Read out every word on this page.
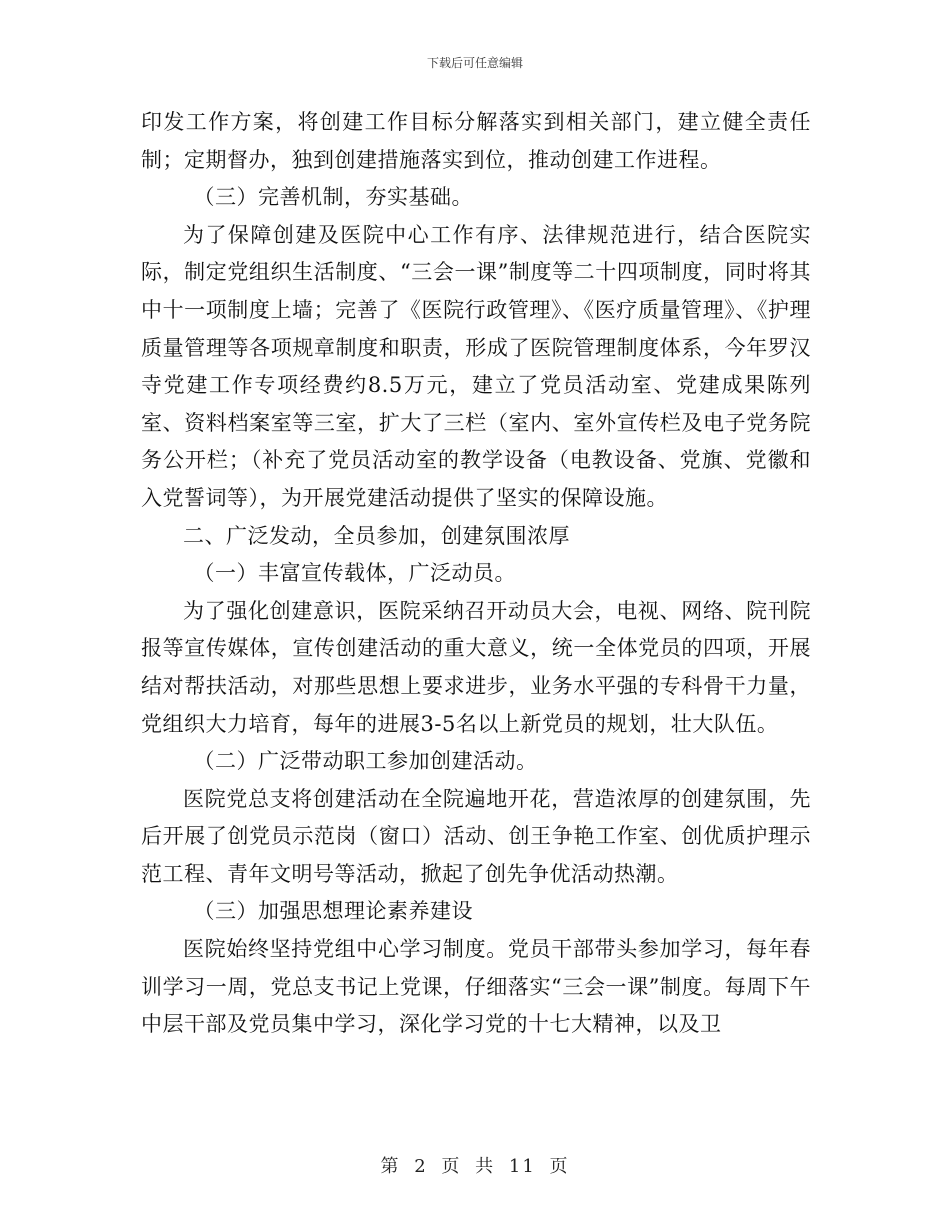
下载后可任意编辑

印发工作方案，将创建工作目标分解落实到相关部门，建立健全责任制；定期督办，独到创建措施落实到位，推动创建工作进程。

（三）完善机制，夯实基础。

为了保障创建及医院中心工作有序、法律规范进行，结合医院实际，制定党组织生活制度、“三会一课”制度等二十四项制度，同时将其中十一项制度上墙；完善了《医院行政管理》、《医疗质量管理》、《护理质量管理等各项规章制度和职责，形成了医院管理制度体系，今年罗汉寺党建工作专项经费约8.5万元，建立了党员活动室、党建成果陈列室、资料档案室等三室，扩大了三栏（室内、室外宣传栏及电子党务院务公开栏；（补充了党员活动室的教学设备（电教设备、党旗、党徽和入党誓词等），为开展党建活动提供了坚实的保障设施。

二、广泛发动，全员参加，创建氛围浓厚

（一）丰富宣传载体，广泛动员。

为了强化创建意识，医院采纳召开动员大会，电视、网络、院刊院报等宣传媒体，宣传创建活动的重大意义，统一全体党员的四项，开展结对帮扶活动，对那些思想上要求进步，业务水平强的专科骨干力量，党组织大力培育，每年的进展3-5名以上新党员的规划，壮大队伍。

（二）广泛带动职工参加创建活动。

医院党总支将创建活动在全院遍地开花，营造浓厚的创建氛围，先后开展了创党员示范岗（窗口）活动、创王争艳工作室、创优质护理示范工程、青年文明号等活动，掀起了创先争优活动热潮。

（三）加强思想理论素养建设

医院始终坚持党组中心学习制度。党员干部带头参加学习，每年春训学习一周，党总支书记上党课，仔细落实“三会一课”制度。每周下午中层干部及党员集中学习，深化学习党的十七大精神，以及卫

第 2 页 共 11 页
